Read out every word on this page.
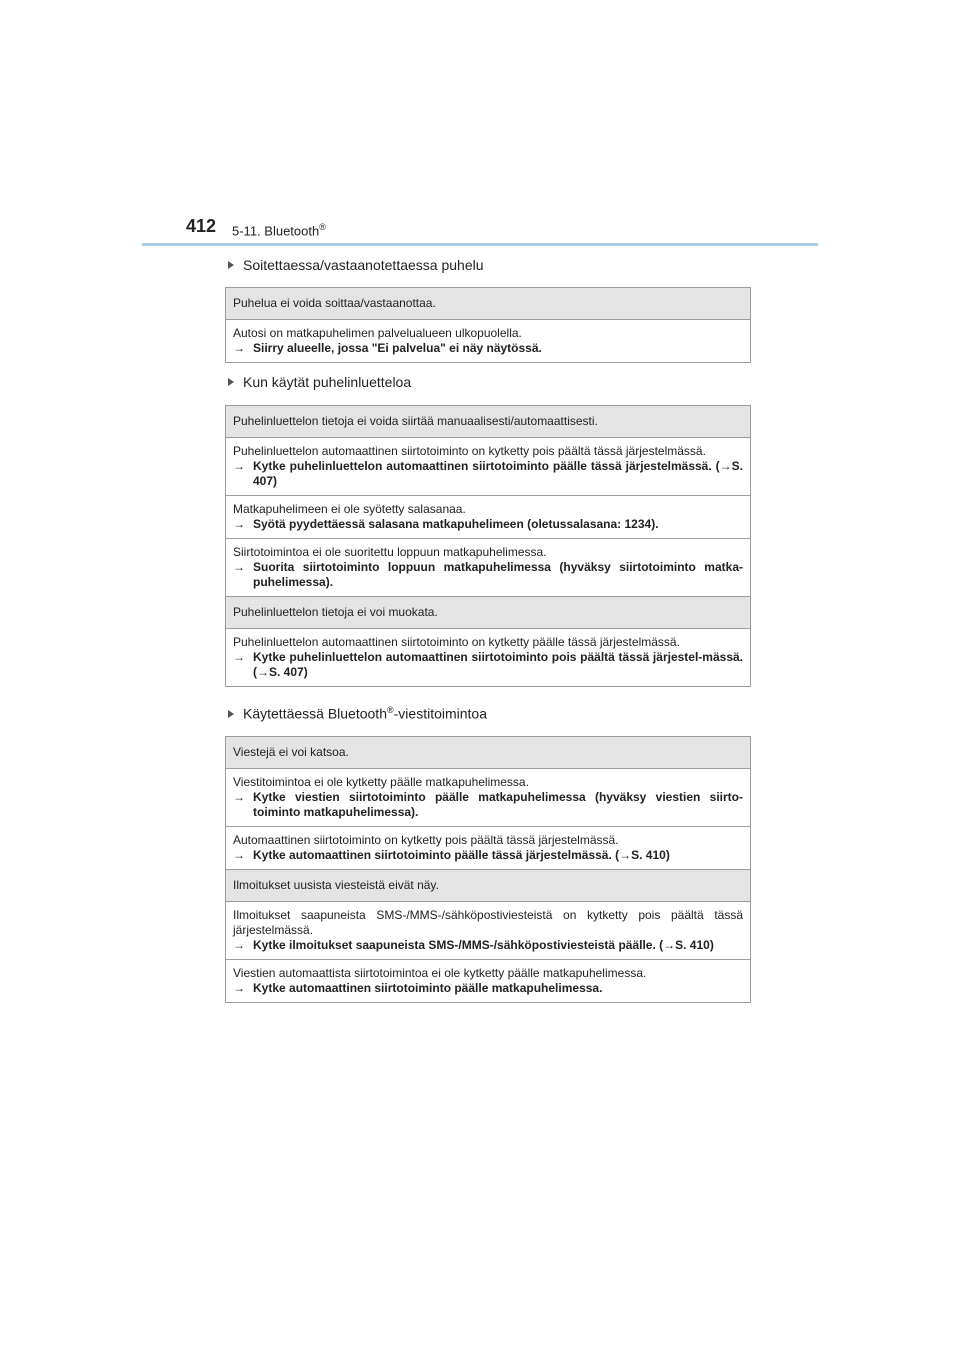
412 5-11. Bluetooth®
Soitettaessa/vastaanotettaessa puhelu
Puhelua ei voida soittaa/vastaanottaa.

Autosi on matkapuhelimen palvelualueen ulkopuolella.
→ Siirry alueelle, jossa "Ei palvelua" ei näy näytössä.
Kun käytät puhelinluetteloa
Puhelinluettelon tietoja ei voida siirtää manuaalisesti/automaattisesti.

Puhelinluettelon automaattinen siirtotoiminto on kytketty pois päältä tässä järjestelmässä.
→ Kytke puhelinluettelon automaattinen siirtotoiminto päälle tässä järjestelmässä. (→S. 407)

Matkapuhelimeen ei ole syötetty salasanaa.
→ Syötä pyydettäessä salasana matkapuhelimeen (oletussalasana: 1234).

Siirtotoimintoa ei ole suoritettu loppuun matkapuhelimessa.
→ Suorita siirtotoiminto loppuun matkapuhelimessa (hyväksy siirtotoiminto matka-puhelimessa).

Puhelinluettelon tietoja ei voi muokata.

Puhelinluettelon automaattinen siirtotoiminto on kytketty päälle tässä järjestelmässä.
→ Kytke puhelinluettelon automaattinen siirtotoiminto pois päältä tässä järjestel-mässä. (→S. 407)
Käytettäessä Bluetooth®-viestitoimintoa
Viestejä ei voi katsoa.

Viestitoimintoa ei ole kytketty päälle matkapuhelimessa.
→ Kytke viestien siirtotoiminto päälle matkapuhelimessa (hyväksy viestien siirto-toiminto matkapuhelimessa).

Automaattinen siirtotoiminto on kytketty pois päältä tässä järjestelmässä.
→ Kytke automaattinen siirtotoiminto päälle tässä järjestelmässä. (→S. 410)

Ilmoitukset uusista viesteistä eivät näy.

Ilmoitukset saapuneista SMS-/MMS-/sähköpostiviesteistä on kytketty pois päältä tässä järjestelmässä.
→ Kytke ilmoitukset saapuneista SMS-/MMS-/sähköpostiviesteistä päälle. (→S. 410)

Viestien automaattista siirtotoimintoa ei ole kytketty päälle matkapuhelimessa.
→ Kytke automaattinen siirtotoiminto päälle matkapuhelimessa.
